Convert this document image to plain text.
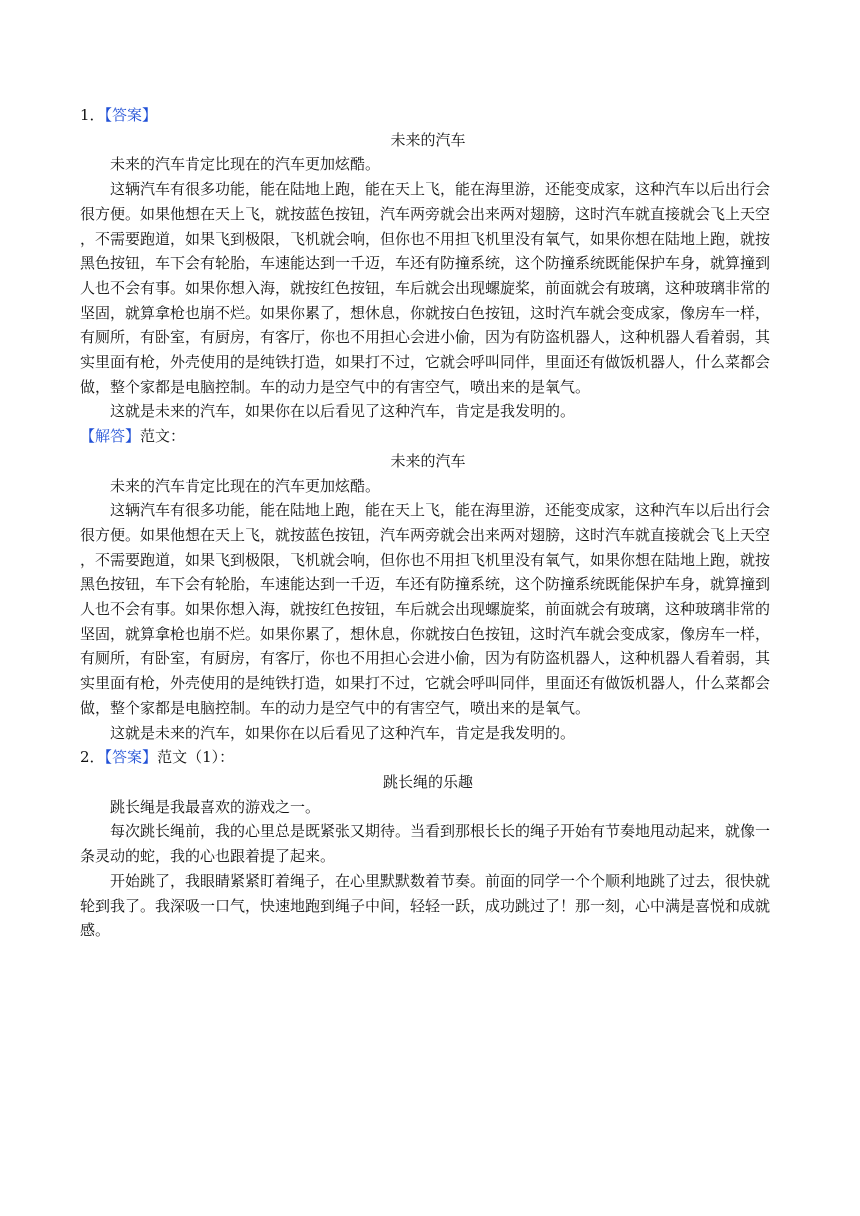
1．【答案】

未来的汽车

未来的汽车肯定比现在的汽车更加炫酷。

这辆汽车有很多功能，能在陆地上跑，能在天上飞，能在海里游，还能变成家，这种汽车以后出行会

很方便。如果他想在天上飞，就按蓝色按钮，汽车两旁就会出来两对翅膀，这时汽车就直接就会飞上天空

，不需要跑道，如果飞到极限，飞机就会响，但你也不用担飞机里没有氧气，如果你想在陆地上跑，就按

黑色按钮，车下会有轮胎，车速能达到一千迈，车还有防撞系统，这个防撞系统既能保护车身，就算撞到

人也不会有事。如果你想入海，就按红色按钮，车后就会出现螺旋桨，前面就会有玻璃，这种玻璃非常的

坚固，就算拿枪也崩不烂。如果你累了，想休息，你就按白色按钮，这时汽车就会变成家，像房车一样，

有厕所，有卧室，有厨房，有客厅，你也不用担心会进小偷，因为有防盗机器人，这种机器人看着弱，其

实里面有枪，外壳使用的是纯铁打造，如果打不过，它就会呼叫同伴，里面还有做饭机器人，什么菜都会

做，整个家都是电脑控制。车的动力是空气中的有害空气，喷出来的是氧气。

这就是未来的汽车，如果你在以后看见了这种汽车，肯定是我发明的。

【解答】范文：

未来的汽车

未来的汽车肯定比现在的汽车更加炫酷。

这辆汽车有很多功能，能在陆地上跑，能在天上飞，能在海里游，还能变成家，这种汽车以后出行会

很方便。如果他想在天上飞，就按蓝色按钮，汽车两旁就会出来两对翅膀，这时汽车就直接就会飞上天空

，不需要跑道，如果飞到极限，飞机就会响，但你也不用担飞机里没有氧气，如果你想在陆地上跑，就按

黑色按钮，车下会有轮胎，车速能达到一千迈，车还有防撞系统，这个防撞系统既能保护车身，就算撞到

人也不会有事。如果你想入海，就按红色按钮，车后就会出现螺旋桨，前面就会有玻璃，这种玻璃非常的

坚固，就算拿枪也崩不烂。如果你累了，想休息，你就按白色按钮，这时汽车就会变成家，像房车一样，

有厕所，有卧室，有厨房，有客厅，你也不用担心会进小偷，因为有防盗机器人，这种机器人看着弱，其

实里面有枪，外壳使用的是纯铁打造，如果打不过，它就会呼叫同伴，里面还有做饭机器人，什么菜都会

做，整个家都是电脑控制。车的动力是空气中的有害空气，喷出来的是氧气。

这就是未来的汽车，如果你在以后看见了这种汽车，肯定是我发明的。

2．【答案】范文（1）：

跳长绳的乐趣

跳长绳是我最喜欢的游戏之一。

每次跳长绳前，我的心里总是既紧张又期待。当看到那根长长的绳子开始有节奏地甩动起来，就像一

条灵动的蛇，我的心也跟着提了起来。

开始跳了，我眼睛紧紧盯着绳子，在心里默默数着节奏。前面的同学一个个顺利地跳了过去，很快就

轮到我了。我深吸一口气，快速地跑到绳子中间，轻轻一跃，成功跳过了！那一刻，心中满是喜悦和成就

感。
